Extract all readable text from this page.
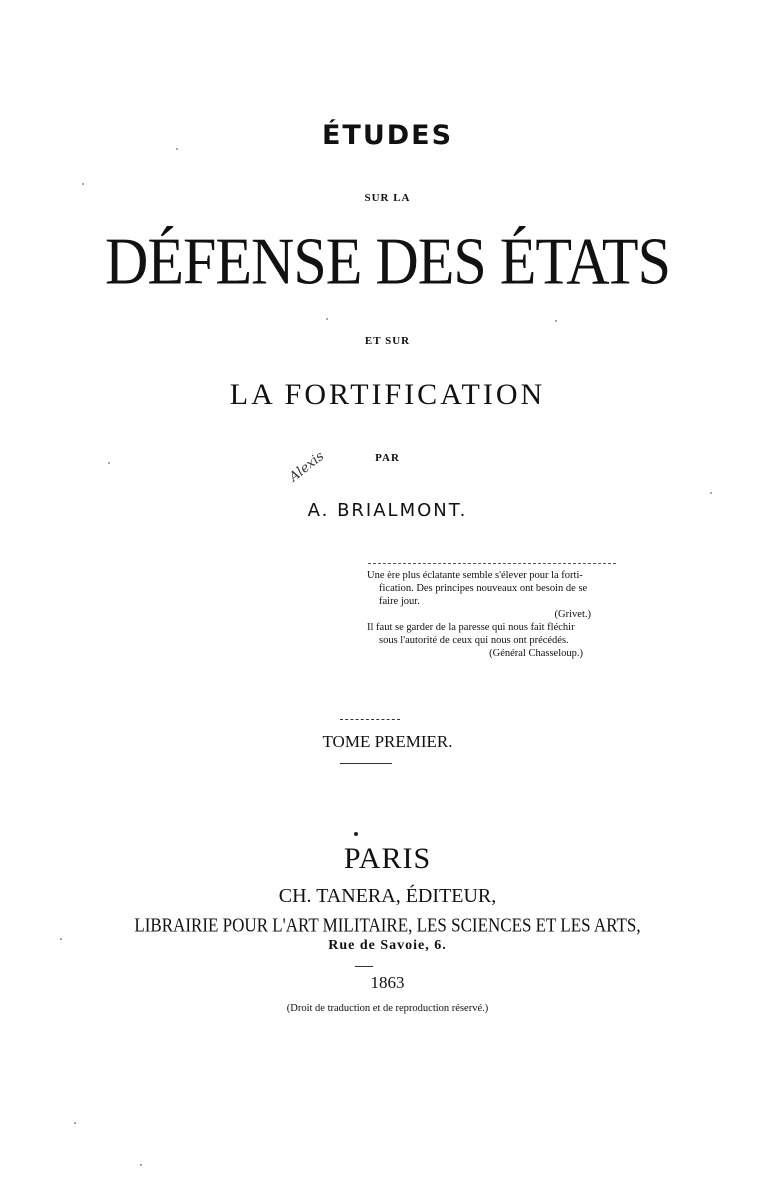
ÉTUDES
SUR LA
DÉFENSE DES ÉTATS
ET SUR
LA FORTIFICATION
PAR
Alexis
A. BRIALMONT.
Une ère plus éclatante semble s'élever pour la forti-
fication. Des principes nouveaux ont besoin de se
faire jour.
(Grivet.)
Il faut se garder de la paresse qui nous fait fléchir
sous l'autorité de ceux qui nous ont précédés.
(Général Chasseloup.)
TOME PREMIER.
PARIS
CH. TANERA, ÉDITEUR,
LIBRAIRIE POUR L'ART MILITAIRE, LES SCIENCES ET LES ARTS,
Rue de Savoie, 6.
1863
(Droit de traduction et de reproduction réservé.)
